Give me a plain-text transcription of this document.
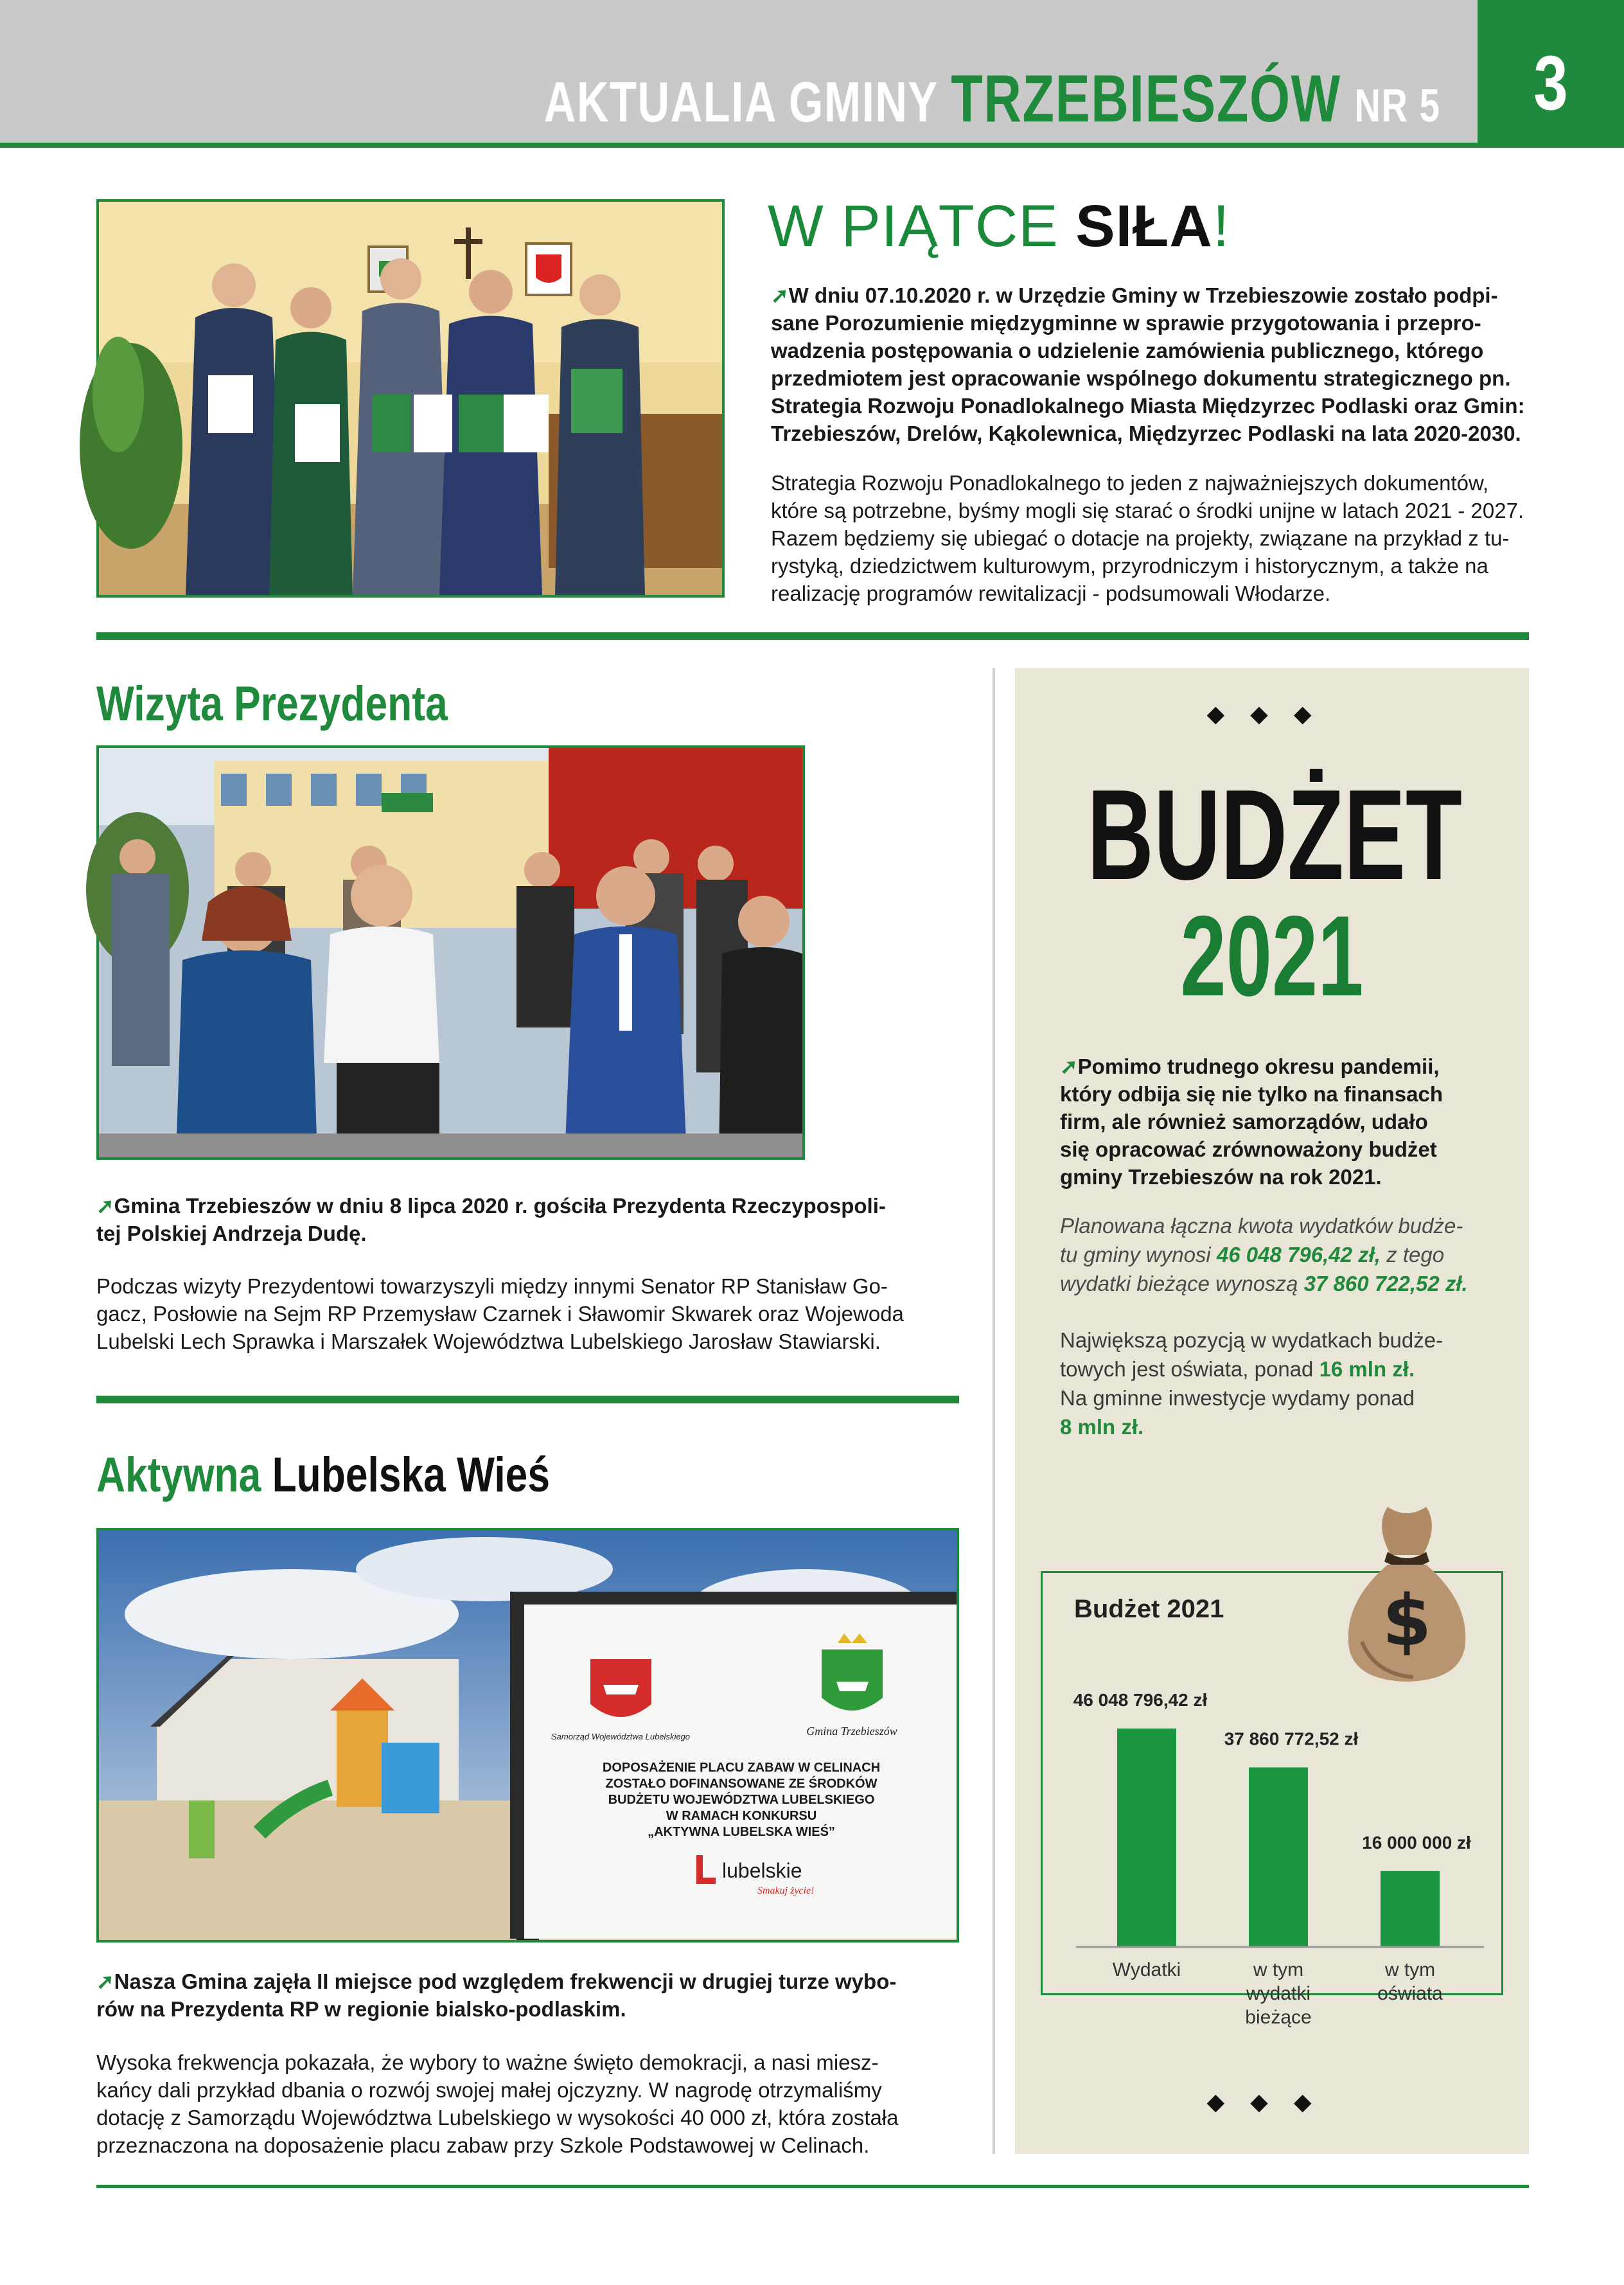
AKTUALIA GMINY TRZEBIESZÓW NR 5	3
W PIĄTCE SIŁA!
➚W dniu 07.10.2020 r. w Urzędzie Gminy w Trzebieszowie zostało podpi-
sane Porozumienie międzygminne w sprawie przygotowania i przepro-
wadzenia postępowania o udzielenie zamówienia publicznego, którego
przedmiotem jest opracowanie wspólnego dokumentu strategicznego pn.
Strategia Rozwoju Ponadlokalnego Miasta Międzyrzec Podlaski oraz Gmin:
Trzebieszów, Drelów, Kąkolewnica, Międzyrzec Podlaski na lata 2020-2030.
Strategia Rozwoju Ponadlokalnego to jeden z najważniejszych dokumentów,
które są potrzebne, byśmy mogli się starać o środki unijne w latach 2021 - 2027.
Razem będziemy się ubiegać o dotacje na projekty, związane na przykład z tu-
rystyką, dziedzictwem kulturowym, przyrodniczym i historycznym, a także na
realizację programów rewitalizacji - podsumowali Włodarze.
Wizyta Prezydenta
➚Gmina Trzebieszów w dniu 8 lipca 2020 r. gościła Prezydenta Rzeczypospoli-
tej Polskiej Andrzeja Dudę.
Podczas wizyty Prezydentowi towarzyszyli między innymi Senator RP Stanisław Go-
gacz, Posłowie na Sejm RP Przemysław Czarnek i Sławomir Skwarek oraz Wojewoda
Lubelski Lech Sprawka i Marszałek Województwa Lubelskiego Jarosław Stawiarski.
Aktywna Lubelska Wieś
Samorząd Województwa Lubelskiego	Gmina Trzebieszów
DOPOSAŻENIE PLACU ZABAW W CELINACH
ZOSTAŁO DOFINANSOWANE ZE ŚRODKÓW
BUDŻETU WOJEWÓDZTWA LUBELSKIEGO
W RAMACH KONKURSU
„AKTYWNA LUBELSKA WIEŚ”
lubelskie
Smakuj życie!
➚Nasza Gmina zajęła II miejsce pod względem frekwencji w drugiej turze wybo-
rów na Prezydenta RP w regionie bialsko-podlaskim.
Wysoka frekwencja pokazała, że wybory to ważne święto demokracji, a nasi miesz-
kańcy dali przykład dbania o rozwój swojej małej ojczyzny. W nagrodę otrzymaliśmy
dotację z Samorządu Województwa Lubelskiego w wysokości 40 000 zł, która została
przeznaczona na doposażenie placu zabaw przy Szkole Podstawowej w Celinach.
◆◆◆
BUDŻET
2021
➚Pomimo trudnego okresu pandemii,
który odbija się nie tylko na finansach
firm, ale również samorządów, udało
się opracować zrównoważony budżet
gminy Trzebieszów na rok 2021.
Planowana łączna kwota wydatków budże-
tu gminy wynosi 46 048 796,42 zł, z tego
wydatki bieżące wynoszą 37 860 722,52 zł.
Największą pozycją w wydatkach budże-
towych jest oświata, ponad 16 mln zł.
Na gminne inwestycje wydamy ponad
8 mln zł.
Budżet 2021 $
46 048 796,42 zł
Wydatki
37 860 772,52 zł
w tym
wydatki
bieżące
16 000 000 zł
w tym
oświata
◆◆◆
